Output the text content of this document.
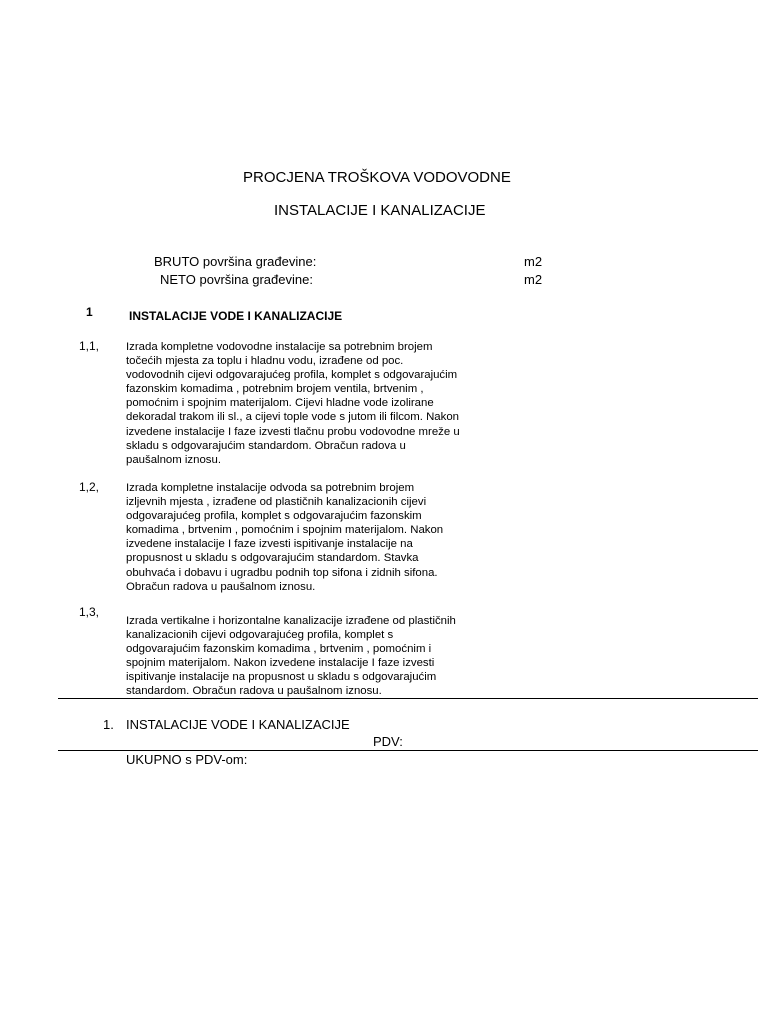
PROCJENA TROŠKOVA VODOVODNE
INSTALACIJE I KANALIZACIJE
BRUTO površina građevine:	m2
NETO površina građevine:	m2
1	INSTALACIJE VODE I KANALIZACIJE
1,1, Izrada kompletne vodovodne instalacije sa potrebnim brojem
točećih mjesta za toplu i hladnu vodu, izrađene od poc.
vodovodnih cijevi odgovarajućeg profila, komplet s odgovarajućim
fazonskim komadima , potrebnim brojem ventila, brtvenim ,
pomoćnim i spojnim materijalom. Cijevi hladne vode izolirane
dekoradal trakom ili sl., a cijevi tople vode s jutom ili filcom. Nakon
izvedene instalacije I faze izvesti tlačnu probu vodovodne mreže u
skladu s odgovarajućim standardom. Obračun radova u
paušalnom iznosu.
1,2, Izrada kompletne instalacije odvoda sa potrebnim brojem
izljevnih mjesta , izrađene od plastičnih kanalizacionih cijevi
odgovarajućeg profila, komplet s odgovarajućim fazonskim
komadima , brtvenim , pomoćnim i spojnim materijalom. Nakon
izvedene instalacije I faze izvesti ispitivanje instalacije na
propusnost u skladu s odgovarajućim standardom. Stavka
obuhvaća i dobavu i ugradbu podnih top sifona i zidnih sifona.
Obračun radova u paušalnom iznosu.
1,3,
Izrada vertikalne i horizontalne kanalizacije izrađene od plastičnih
kanalizacionih cijevi odgovarajućeg profila, komplet s
odgovarajućim fazonskim komadima , brtvenim , pomoćnim i
spojnim materijalom. Nakon izvedene instalacije I faze izvesti
ispitivanje instalacije na propusnost u skladu s odgovarajućim
standardom. Obračun radova u paušalnom iznosu.
1. INSTALACIJE VODE I KANALIZACIJE
PDV:
UKUPNO s PDV-om:
